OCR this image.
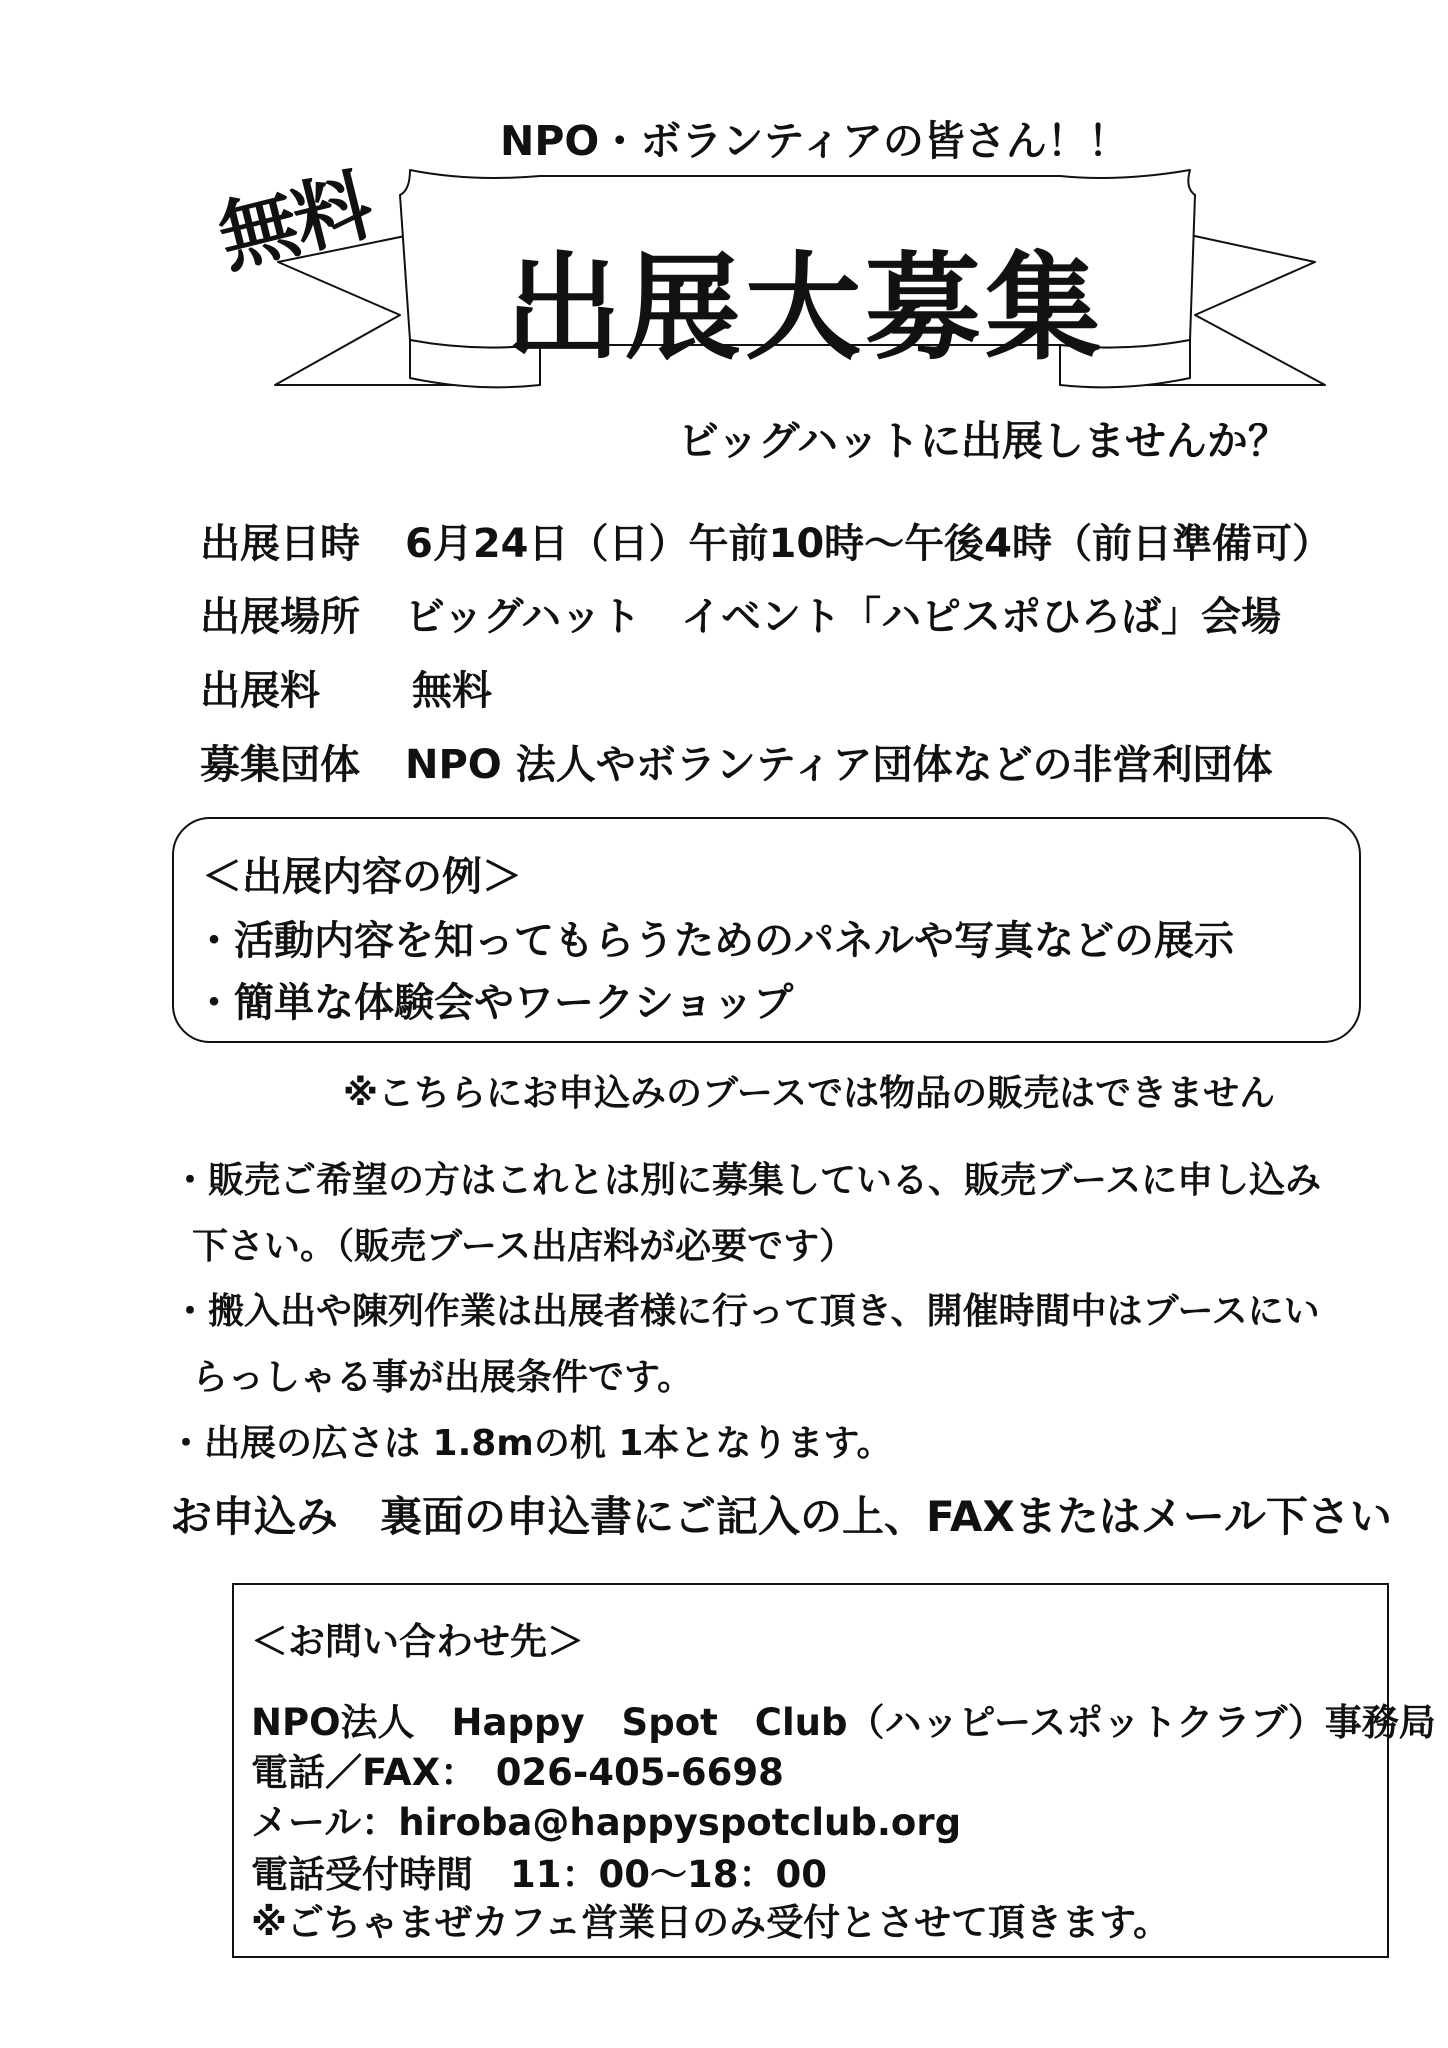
NPO・ボランティアの皆さん！！
無料
出展大募集
ビッグハットに出展しませんか？
出展日時 6月24日（日）午前10時～午後4時（前日準備可）
出展場所 ビッグハット　イベント「ハピスポひろば」会場
出展料 無料
募集団体 NPO 法人やボランティア団体などの非営利団体
＜出展内容の例＞
・活動内容を知ってもらうためのパネルや写真などの展示
・簡単な体験会やワークショップ
※こちらにお申込みのブースでは物品の販売はできません
・販売ご希望の方はこれとは別に募集している、販売ブースに申し込み
下さい。（販売ブース出店料が必要です）
・搬入出や陳列作業は出展者様に行って頂き、開催時間中はブースにい
らっしゃる事が出展条件です。
・出展の広さは 1.8mの机 1本となります。
お申込み　裏面の申込書にご記入の上、FAXまたはメール下さい
＜お問い合わせ先＞
NPO法人　Happy　Spot　Club（ハッピースポットクラブ）事務局
電話／FAX：　026-405-6698
メール：hiroba@happyspotclub.org
電話受付時間　11：00～18：00
※ごちゃまぜカフェ営業日のみ受付とさせて頂きます。
